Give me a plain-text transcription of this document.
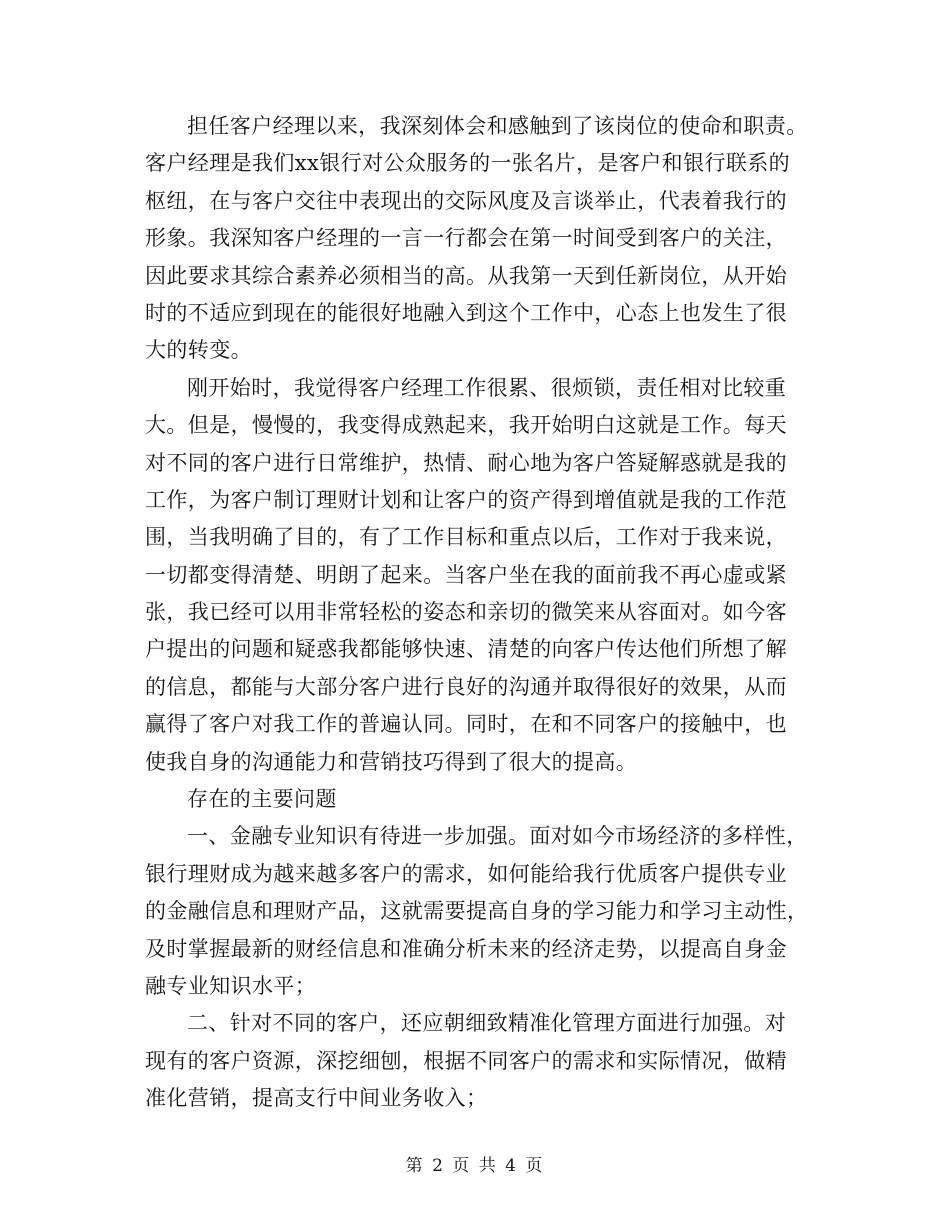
担任客户经理以来，我深刻体会和感触到了该岗位的使命和职责。
客户经理是我们xx银行对公众服务的一张名片，是客户和银行联系的
枢纽，在与客户交往中表现出的交际风度及言谈举止，代表着我行的
形象。我深知客户经理的一言一行都会在第一时间受到客户的关注，
因此要求其综合素养必须相当的高。从我第一天到任新岗位，从开始
时的不适应到现在的能很好地融入到这个工作中，心态上也发生了很
大的转变。
刚开始时，我觉得客户经理工作很累、很烦锁，责任相对比较重
大。但是，慢慢的，我变得成熟起来，我开始明白这就是工作。每天
对不同的客户进行日常维护，热情、耐心地为客户答疑解惑就是我的
工作，为客户制订理财计划和让客户的资产得到增值就是我的工作范
围，当我明确了目的，有了工作目标和重点以后，工作对于我来说，
一切都变得清楚、明朗了起来。当客户坐在我的面前我不再心虚或紧
张，我已经可以用非常轻松的姿态和亲切的微笑来从容面对。如今客
户提出的问题和疑惑我都能够快速、清楚的向客户传达他们所想了解
的信息，都能与大部分客户进行良好的沟通并取得很好的效果，从而
赢得了客户对我工作的普遍认同。同时，在和不同客户的接触中，也
使我自身的沟通能力和营销技巧得到了很大的提高。
存在的主要问题
一、金融专业知识有待进一步加强。面对如今市场经济的多样性，
银行理财成为越来越多客户的需求，如何能给我行优质客户提供专业
的金融信息和理财产品，这就需要提高自身的学习能力和学习主动性，
及时掌握最新的财经信息和准确分析未来的经济走势，以提高自身金
融专业知识水平；
二、针对不同的客户，还应朝细致精准化管理方面进行加强。对
现有的客户资源，深挖细刨，根据不同客户的需求和实际情况，做精
准化营销，提高支行中间业务收入；
第 2 页 共 4 页
